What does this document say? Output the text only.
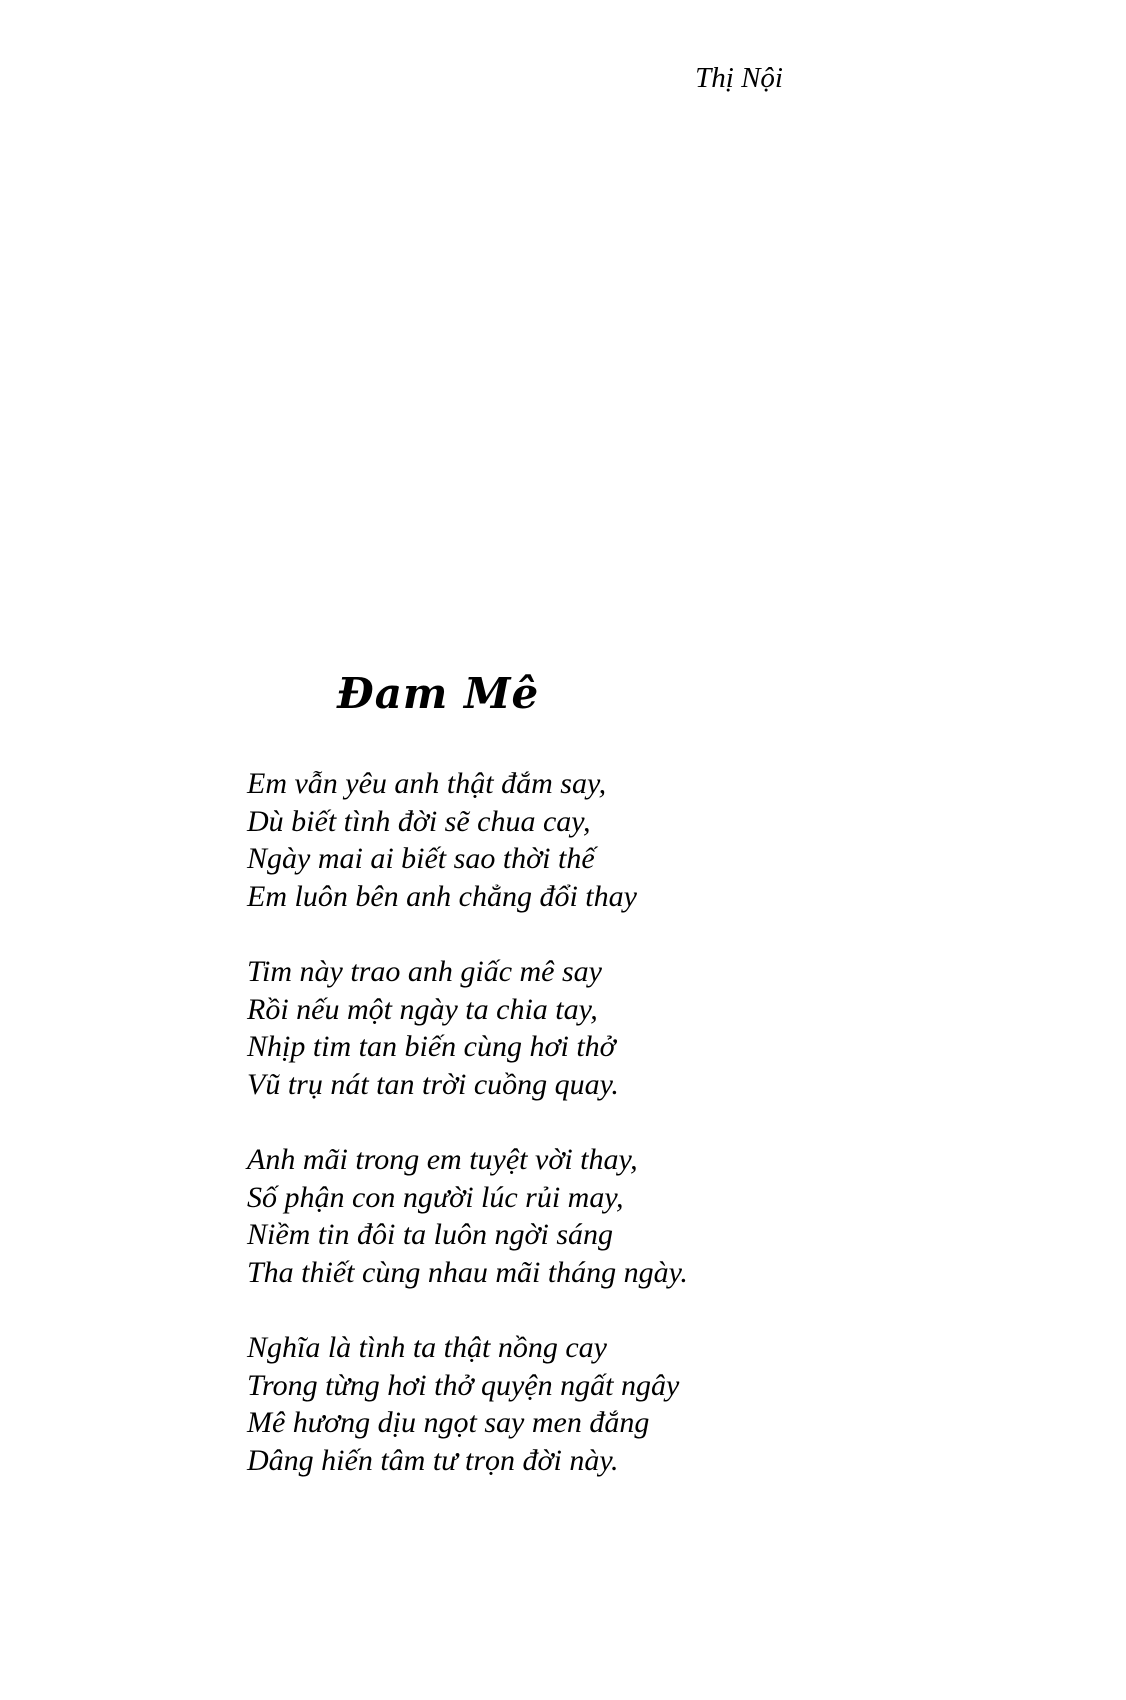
Thị Nội
Đam Mê
Em vẫn yêu anh thật đắm say,
Dù biết tình đời sẽ chua cay,
Ngày mai ai biết sao thời thế
Em luôn bên anh chẳng đổi thay
Tim này trao anh giấc mê say
Rồi nếu một ngày ta chia tay,
Nhịp tim tan biến cùng hơi thở
Vũ trụ nát tan trời cuồng quay.
Anh mãi trong em tuyệt vời thay,
Số phận con người lúc rủi may,
Niềm tin đôi ta luôn ngời sáng
Tha thiết cùng nhau mãi tháng ngày.
Nghĩa là tình ta thật nồng cay
Trong từng hơi thở quyện ngất ngây
Mê hương dịu ngọt say men đắng
Dâng hiến tâm tư trọn đời này.
